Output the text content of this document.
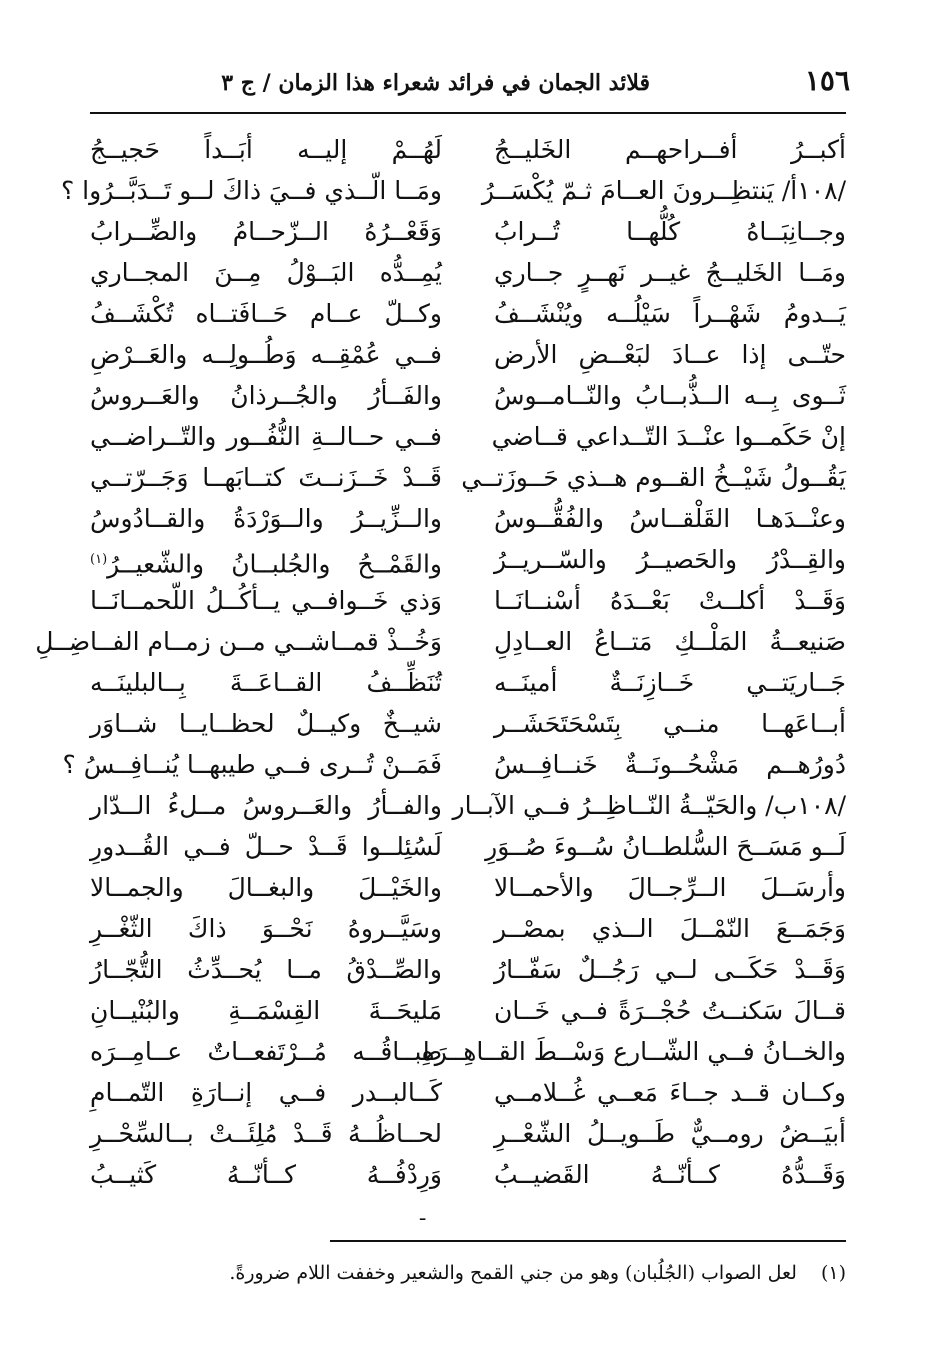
١٥٦
قلائد الجمان في فرائد شعراء هذا الزمان / ج ٣
أكبــرُ أفــراحهــم الخَليــجُ
لَهُــمْ إليــه أبَــداً حَجيــجُ
/١٠٨أ/ يَنتظِــرونَ العــامَ ثـمّ يُكْسَــرُ
ومَــا الّــذي فــيَ ذاكَ لــو تَــدَبَّــرُوا ؟
وجــانِبَــاهُ كُلُّهــا تُــرابُ
وَقَعْــرُهُ الــزّحــامُ والضِّــرابُ
ومَــا الخَليــجُ غيــر نَهــرٍ جــاري
يُمِــدُّه البَــوْلُ مِــنَ المجــاري
يَــدومُ شَهْــراً سَيْلُــه ويُنْشَــفُ
وكــلّ عــام حَــافَتــاه تُكْشَــفُ
حتّــى إذا عــادَ لبَعْــضِ الأرض
فــي عُمْقِــه وَطُــولِــه والعَــرْضِ
ثَــوى بِــه الــذُّبــابُ والنّــامــوسُ
والفَــأرُ والجُــرذانُ والعَــروسُ
إنْ حَكَمــوا عنْــدَ التّــداعي قــاضي
فــي حــالــةِ النُّفُــور والتّــراضــي
يَقُــولُ شَيْــخُ القــوم هــذي حَــوزَتــي
قَــدْ خَــزَنــتَ كتــابَهــا وَجَــرّتــي
وعنْــدَهـا القَلْقــاسُ والفُقُّــوسُ
والــزِّيــرُ والــوَرْدَةُ والقــادُوسُ
والقِــدْرُ والحَصيــرُ والسّــريــرُ
والقَمْــحُ والجُلبــانُ والشّعيــرُ$^{(١)}$
وَقَــدْ أكلــتْ بَعْــدَهُ أسْنــانَــا
وَذي خَــوافــي يــأكُــلُ اللّحمــانَــا
صَنيعــةُ المَلْــكِ مَتــاعُ العــادِلِ
وَخُــذْ قمــاشــي مــن زمــام الفــاضِــلِ
جَــاريَتــي خَــازِنَــةٌ أمينَــه
تُنَظِّــفُ القــاعَــةَ بِــالبلينَــه
أبــاعَهــا منــي بِتَسْحَتَحَشَــر
شيــخٌ وكيــلٌ لحظــايــا شــاوَر
دُورُهــم مَشْحُــونَــةٌ خَنــافِــسُ
فَمَــنْ تُــرى فــي طيبهــا يُنــافِــسُ ؟
/١٠٨ب/ والحَيّــةُ النّــاظِــرُ فــي الآبــار
والفــأرُ والعَــروسُ مــلءُ الــدّار
لَــو مَسَــحَ السُّلطــانُ سُــوءَ صُــوَرِ
لَسُئِلــوا قَــدْ حــلّ فــي القُــدورِ
وأرسَــلَ الــرِّجــالَ والأحمــالا
والخَيْــلَ والبغــالَ والجمــالا
وَجَمَــعَ النّمْــلَ الــذي بمصْــر
وسَيَّــروهُ نَحْــوَ ذاكَ الثّغْــرِ
وَقَــدْ حَكَــى لــي رَجُــلٌ سَفّــارُ
والصِّــدْقُ مــا يُحــدِّثُ التُّجّــارُ
قــالَ سَكنــتُ حُجْــرَةً فــي خَــان
مَليحَــةَ القِسْمَــةِ والبُنْيــانِ
والخــانُ فــي الشّــارع وَسْــطَ القــاهِــرَه
طِبــاقُــه مُــرْتَفعــاتٌ عــامِــرَه
وكــان قــد جــاءَ مَعــي غُــلامــي
كَــالبــدر فــي إنــارَةِ التّمــامِ
أبيَــضُ رومــيٌّ طَــويــلُ الشّعْــرِ
لحــاظُــهُ قَــدْ مُلِئَــتْ بــالسِّحْــرِ
وَقَــدُّهُ كــأنّــهُ القَضيــبُ
وَرِدْفُــهُ كــأنّــهُ كَثيــبُ
ـ
(١)لعل الصواب (الجُلُبان) وهو من جني القمح والشعير وخففت اللام ضرورةً.
